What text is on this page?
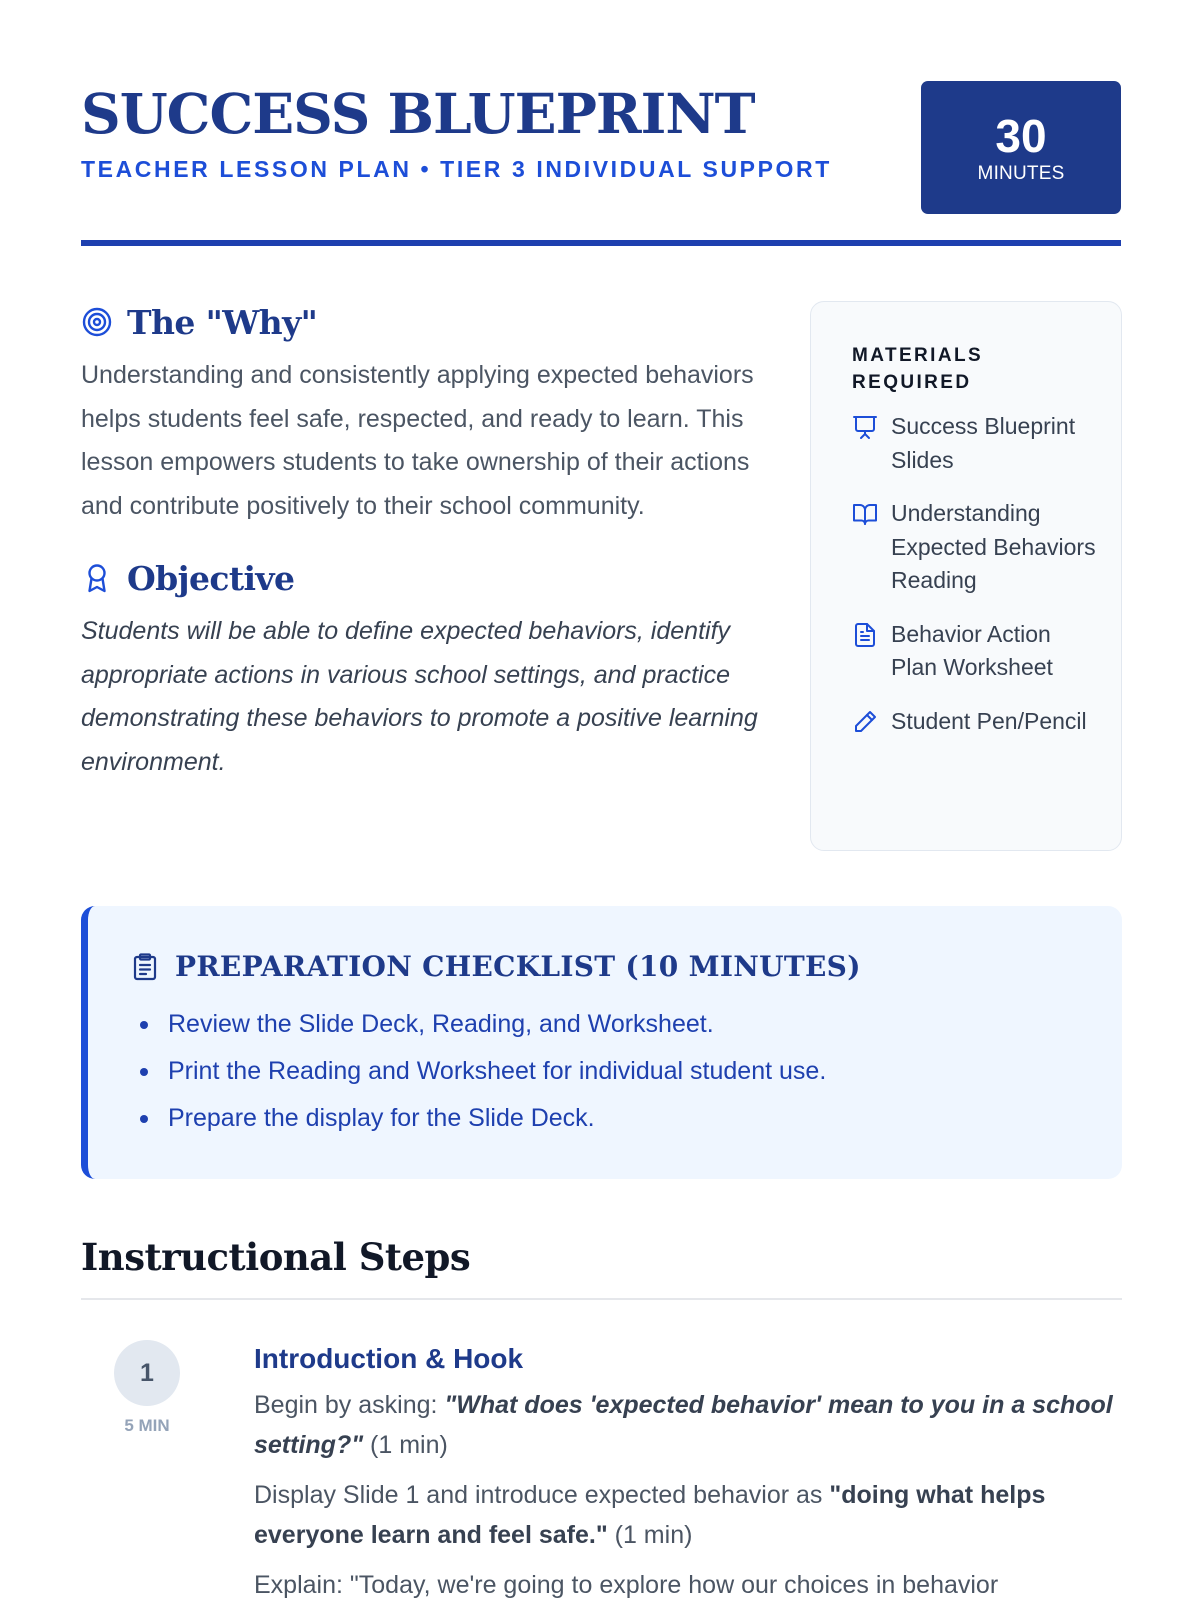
SUCCESS BLUEPRINT
TEACHER LESSON PLAN • TIER 3 INDIVIDUAL SUPPORT
30
MINUTES
The "Why"

Understanding and consistently applying expected behaviors helps students feel safe, respected, and ready to learn. This lesson empowers students to take ownership of their actions and contribute positively to their school community.

Objective

Students will be able to define expected behaviors, identify appropriate actions in various school settings, and practice demonstrating these behaviors to promote a positive learning environment.

MATERIALS REQUIRED
Success Blueprint Slides
Understanding Expected Behaviors Reading
Behavior Action Plan Worksheet
Student Pen/Pencil
PREPARATION CHECKLIST (10 MINUTES)
Review the Slide Deck, Reading, and Worksheet.
Print the Reading and Worksheet for individual student use.
Prepare the display for the Slide Deck.
Instructional Steps
1
5 MIN
Introduction & Hook

Begin by asking: "What does 'expected behavior' mean to you in a school setting?" (1 min)

Display Slide 1 and introduce expected behavior as "doing what helps everyone learn and feel safe." (1 min)

Explain: "Today, we're going to explore how our choices in behavior
